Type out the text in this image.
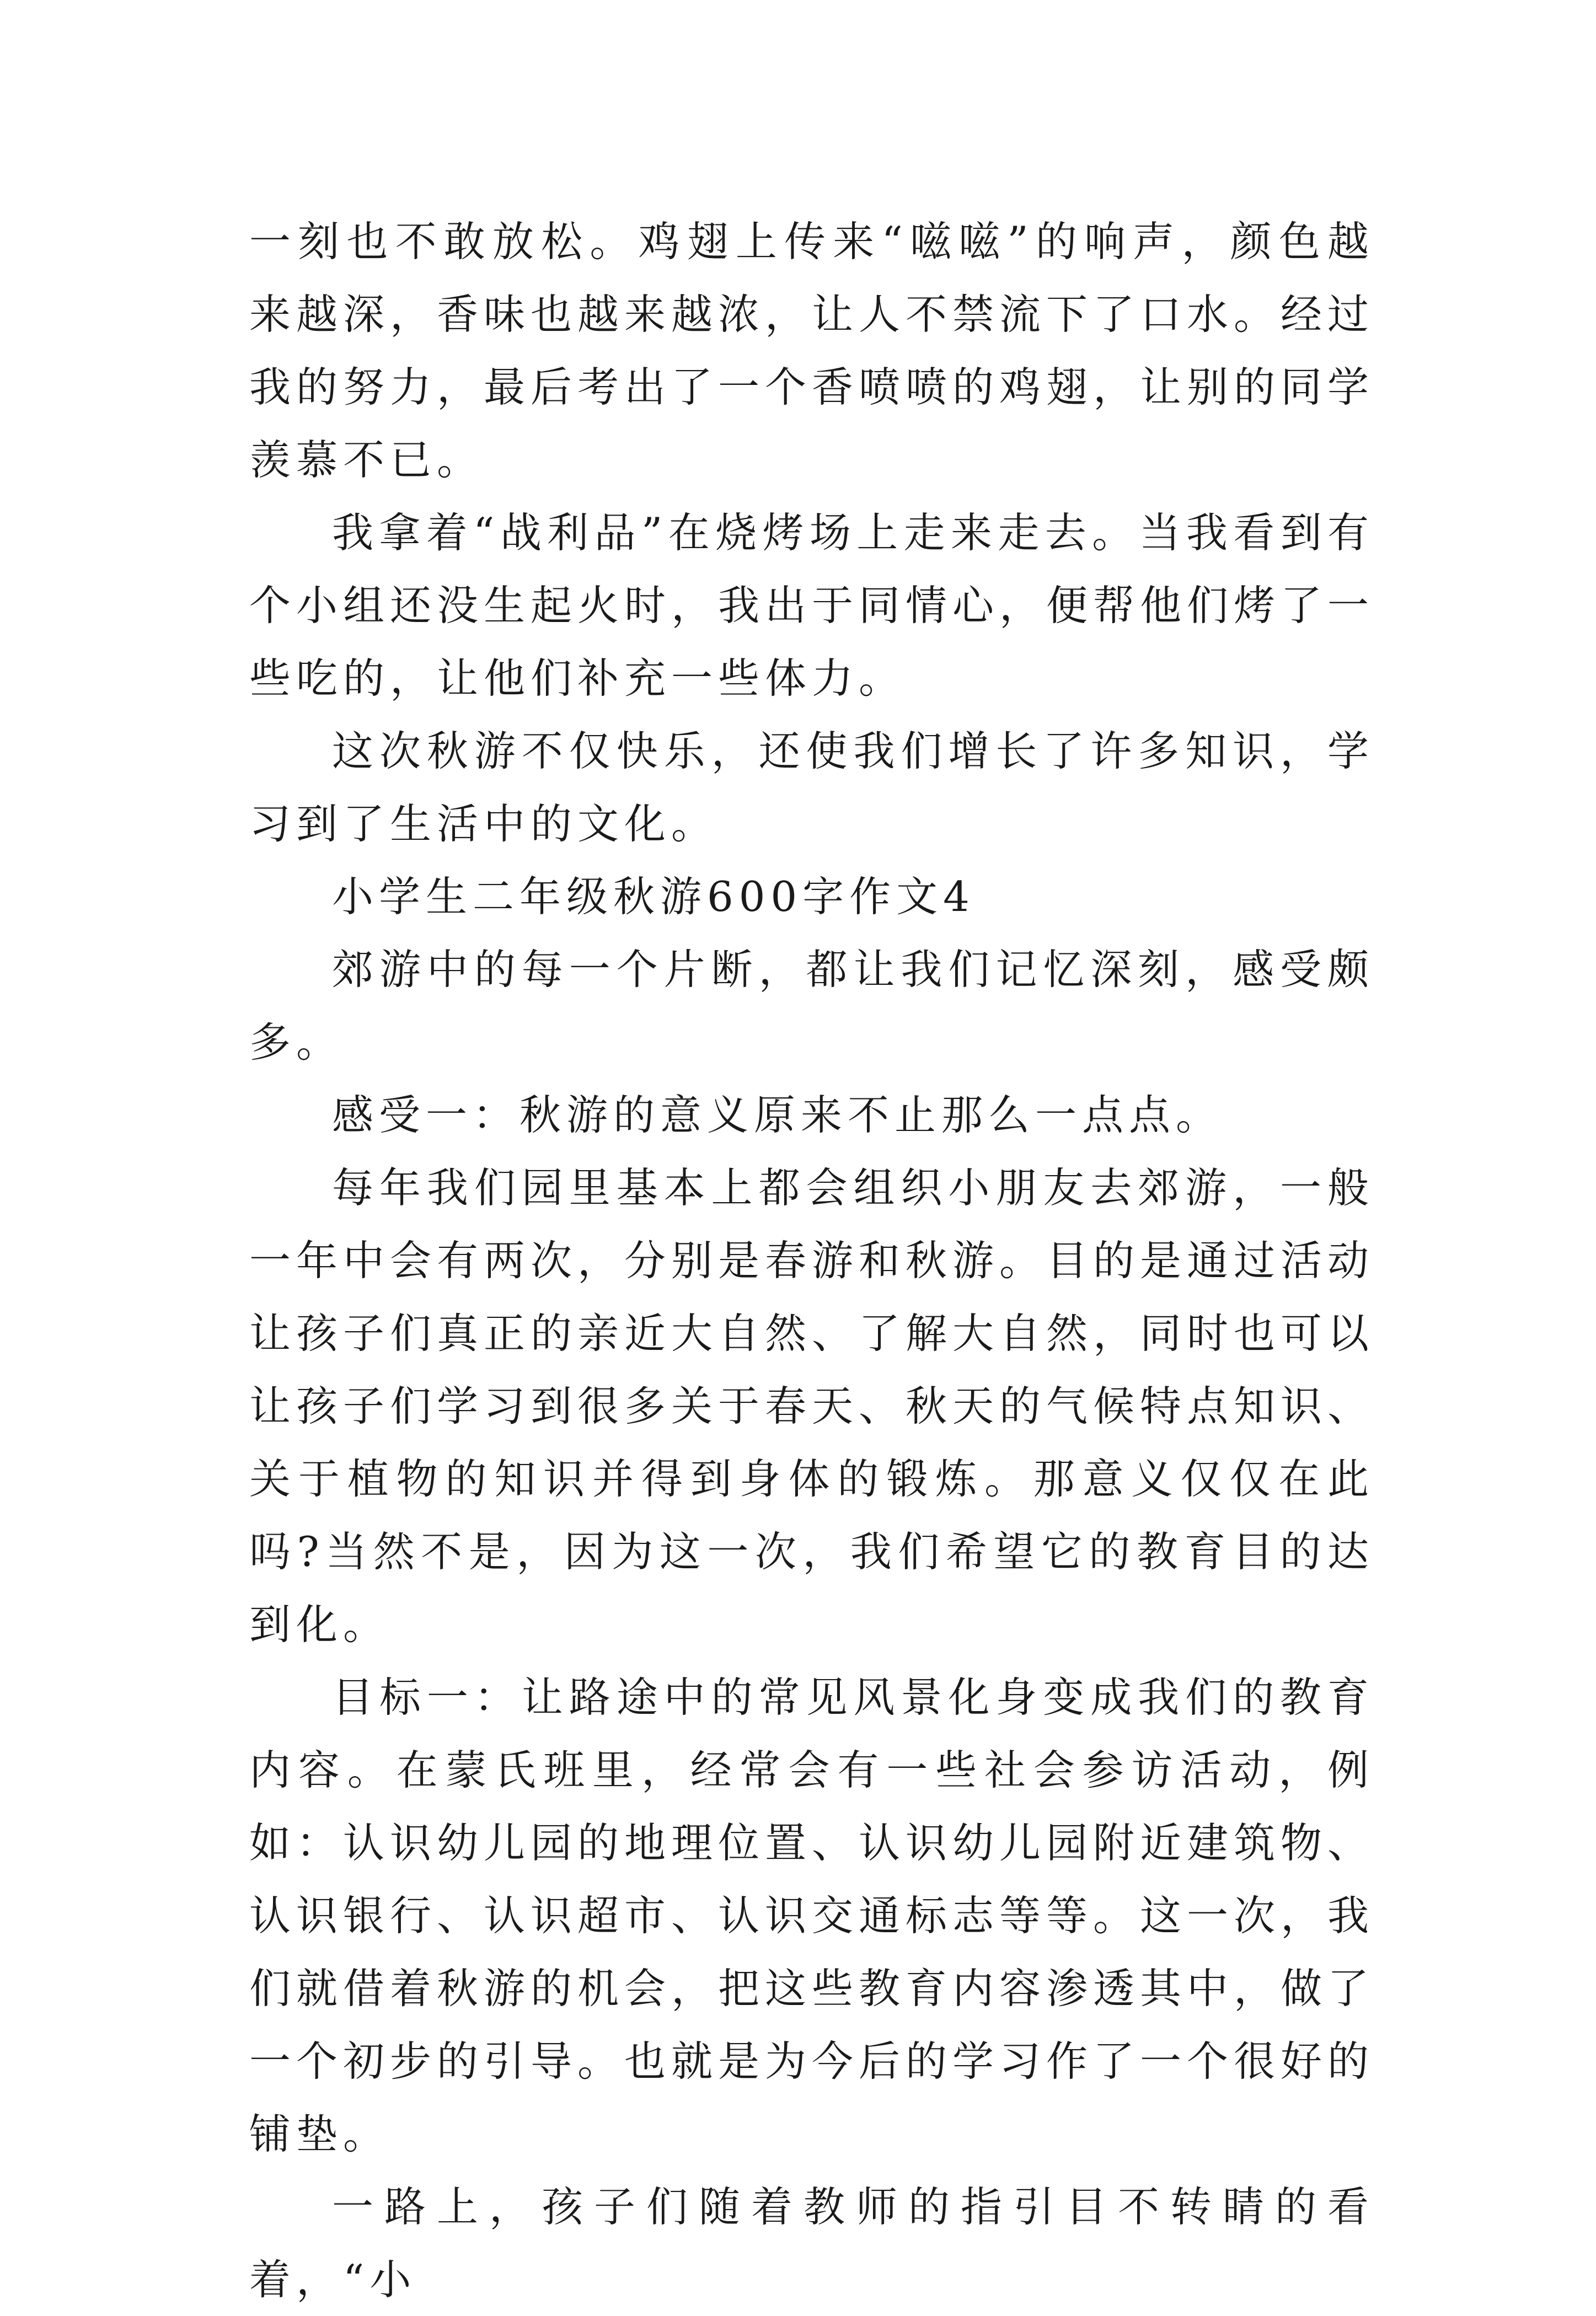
一刻也不敢放松。鸡翅上传来“嗞嗞”的响声，颜色越来越深，香味也越来越浓，让人不禁流下了口水。经过我的努力，最后考出了一个香喷喷的鸡翅，让别的同学羡慕不已。

我拿着“战利品”在烧烤场上走来走去。当我看到有个小组还没生起火时，我出于同情心，便帮他们烤了一些吃的，让他们补充一些体力。

这次秋游不仅快乐，还使我们增长了许多知识，学习到了生活中的文化。

小学生二年级秋游600字作文4

郊游中的每一个片断，都让我们记忆深刻，感受颇多。

感受一：秋游的意义原来不止那么一点点。

每年我们园里基本上都会组织小朋友去郊游，一般一年中会有两次，分别是春游和秋游。目的是通过活动让孩子们真正的亲近大自然、了解大自然，同时也可以让孩子们学习到很多关于春天、秋天的气候特点知识、关于植物的知识并得到身体的锻炼。那意义仅仅在此吗?当然不是，因为这一次，我们希望它的教育目的达到化。

目标一：让路途中的常见风景化身变成我们的教育内容。在蒙氏班里，经常会有一些社会参访活动，例如：认识幼儿园的地理位置、认识幼儿园附近建筑物、认识银行、认识超市、认识交通标志等等。这一次，我们就借着秋游的机会，把这些教育内容渗透其中，做了一个初步的引导。也就是为今后的学习作了一个很好的铺垫。

一路上，孩子们随着教师的指引目不转睛的看着，“小
